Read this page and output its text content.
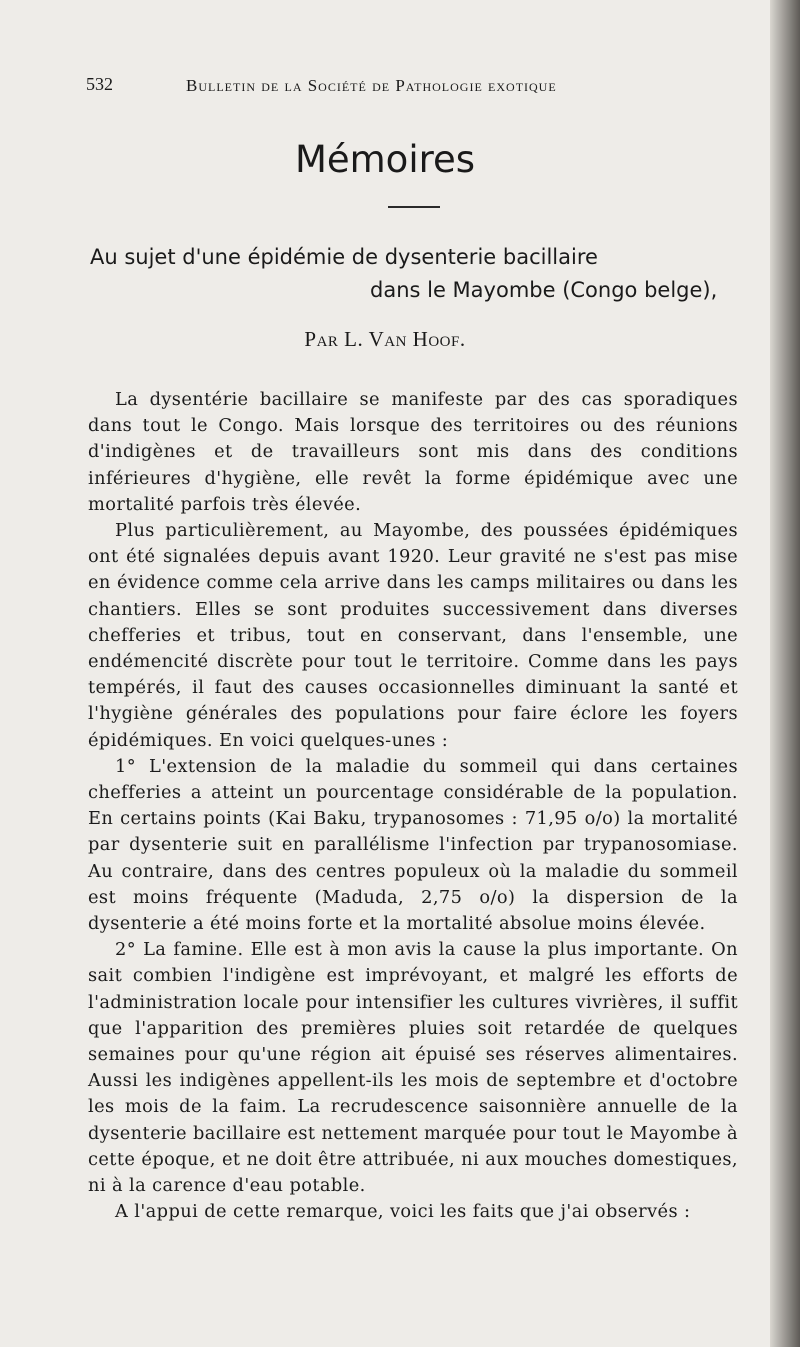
532	Bulletin de la Société de Pathologie exotique
Mémoires
Au sujet d'une épidémie de dysenterie bacillaire
dans le Mayombe (Congo belge),
Par L. Van Hoof.

La dysentérie bacillaire se manifeste par des cas sporadiques dans tout le Congo. Mais lorsque des territoires ou des réunions d'indigènes et de travailleurs sont mis dans des conditions inférieures d'hygiène, elle revêt la forme épidémique avec une mortalité parfois très élevée.

Plus particulièrement, au Mayombe, des poussées épidémiques ont été signalées depuis avant 1920. Leur gravité ne s'est pas mise en évidence comme cela arrive dans les camps militaires ou dans les chantiers. Elles se sont produites successivement dans diverses chefferies et tribus, tout en conservant, dans l'ensemble, une endémencité discrète pour tout le territoire. Comme dans les pays tempérés, il faut des causes occasionnelles diminuant la santé et l'hygiène générales des populations pour faire éclore les foyers épidémiques. En voici quelques-unes :

1° L'extension de la maladie du sommeil qui dans certaines chefferies a atteint un pourcentage considérable de la population. En certains points (Kai Baku, trypanosomes : 71,95 o/o) la mortalité par dysenterie suit en parallélisme l'infection par trypanosomiase. Au contraire, dans des centres populeux où la maladie du sommeil est moins fréquente (Maduda, 2,75 o/o) la dispersion de la dysenterie a été moins forte et la mortalité absolue moins élevée.

2° La famine. Elle est à mon avis la cause la plus importante. On sait combien l'indigène est imprévoyant, et malgré les efforts de l'administration locale pour intensifier les cultures vivrières, il suffit que l'apparition des premières pluies soit retardée de quelques semaines pour qu'une région ait épuisé ses réserves alimentaires. Aussi les indigènes appellent-ils les mois de septembre et d'octobre les mois de la faim. La recrudescence saisonnière annuelle de la dysenterie bacillaire est nettement marquée pour tout le Mayombe à cette époque, et ne doit être attribuée, ni aux mouches domestiques, ni à la carence d'eau potable.

A l'appui de cette remarque, voici les faits que j'ai observés :
